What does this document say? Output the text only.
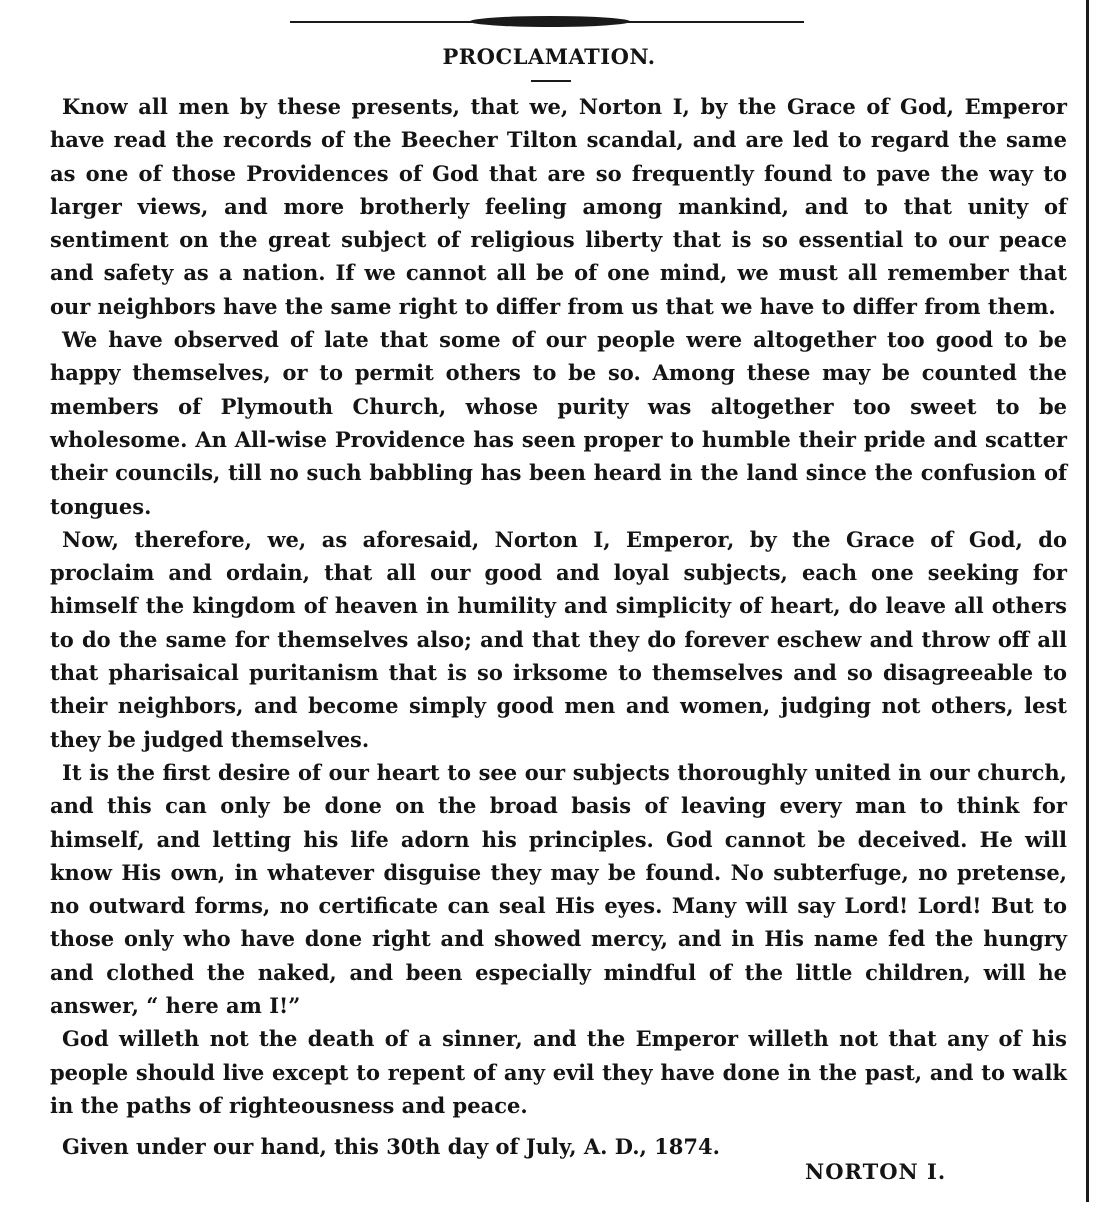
PROCLAMATION.

Know all men by these presents, that we, Norton I, by the Grace of God, Emperor have read the records of the Beecher Tilton scandal, and are led to regard the same as one of those Providences of God that are so frequently found to pave the way to larger views, and more brotherly feeling among mankind, and to that unity of sentiment on the great subject of religious liberty that is so essential to our peace and safety as a nation. If we cannot all be of one mind, we must all remember that our neighbors have the same right to differ from us that we have to differ from them.

We have observed of late that some of our people were altogether too good to be happy themselves, or to permit others to be so. Among these may be counted the members of Plymouth Church, whose purity was altogether too sweet to be wholesome. An All-wise Providence has seen proper to humble their pride and scatter their councils, till no such babbling has been heard in the land since the confusion of tongues.

Now, therefore, we, as aforesaid, Norton I, Emperor, by the Grace of God, do proclaim and ordain, that all our good and loyal subjects, each one seeking for himself the kingdom of heaven in humility and simplicity of heart, do leave all others to do the same for themselves also; and that they do forever eschew and throw off all that pharisaical puritanism that is so irksome to themselves and so disagreeable to their neighbors, and become simply good men and women, judging not others, lest they be judged themselves.

It is the first desire of our heart to see our subjects thoroughly united in our church, and this can only be done on the broad basis of leaving every man to think for himself, and letting his life adorn his principles. God cannot be deceived. He will know His own, in whatever disguise they may be found. No subterfuge, no pretense, no outward forms, no certificate can seal His eyes. Many will say Lord! Lord! But to those only who have done right and showed mercy, and in His name fed the hungry and clothed the naked, and been especially mindful of the little children, will he answer, “ here am I!”

God willeth not the death of a sinner, and the Emperor willeth not that any of his people should live except to repent of any evil they have done in the past, and to walk in the paths of righteousness and peace.

Given under our hand, this 30th day of July, A. D., 1874.
NORTON I.
